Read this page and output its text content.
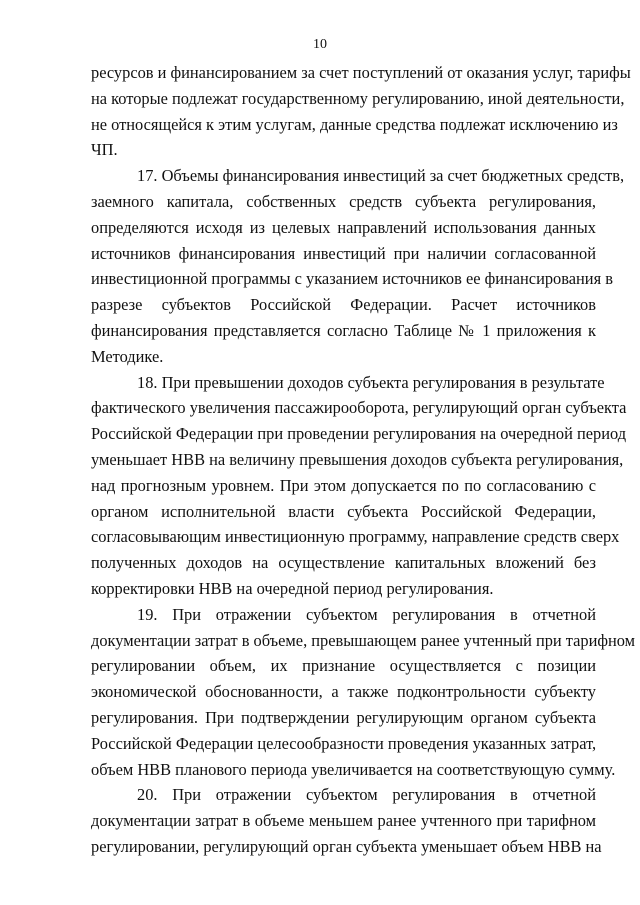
10
ресурсов и финансированием за счет поступлений от оказания услуг, тарифы
на которые подлежат государственному регулированию, иной деятельности,
не относящейся к этим услугам, данные средства подлежат исключению из
ЧП.
17. Объемы финансирования инвестиций за счет бюджетных средств,
заемного капитала, собственных средств субъекта регулирования,
определяются исходя из целевых направлений использования данных
источников финансирования инвестиций при наличии согласованной
инвестиционной программы с указанием источников ее финансирования в
разрезе субъектов Российской Федерации. Расчет источников
финансирования представляется согласно Таблице № 1 приложения к
Методике.
18. При превышении доходов субъекта регулирования в результате
фактического увеличения пассажирооборота, регулирующий орган субъекта
Российской Федерации при проведении регулирования на очередной период
уменьшает НВВ на величину превышения доходов субъекта регулирования,
над прогнозным уровнем. При этом допускается по по согласованию с
органом исполнительной власти субъекта Российской Федерации,
согласовывающим инвестиционную программу, направление средств сверх
полученных доходов на осуществление капитальных вложений без
корректировки НВВ на очередной период регулирования.
19. При отражении субъектом регулирования в отчетной
документации затрат в объеме, превышающем ранее учтенный при тарифном
регулировании объем, их признание осуществляется с позиции
экономической обоснованности, а также подконтрольности субъекту
регулирования. При подтверждении регулирующим органом субъекта
Российской Федерации целесообразности проведения указанных затрат,
объем НВВ планового периода увеличивается на соответствующую сумму.
20. При отражении субъектом регулирования в отчетной
документации затрат в объеме меньшем ранее учтенного при тарифном
регулировании, регулирующий орган субъекта уменьшает объем НВВ на
